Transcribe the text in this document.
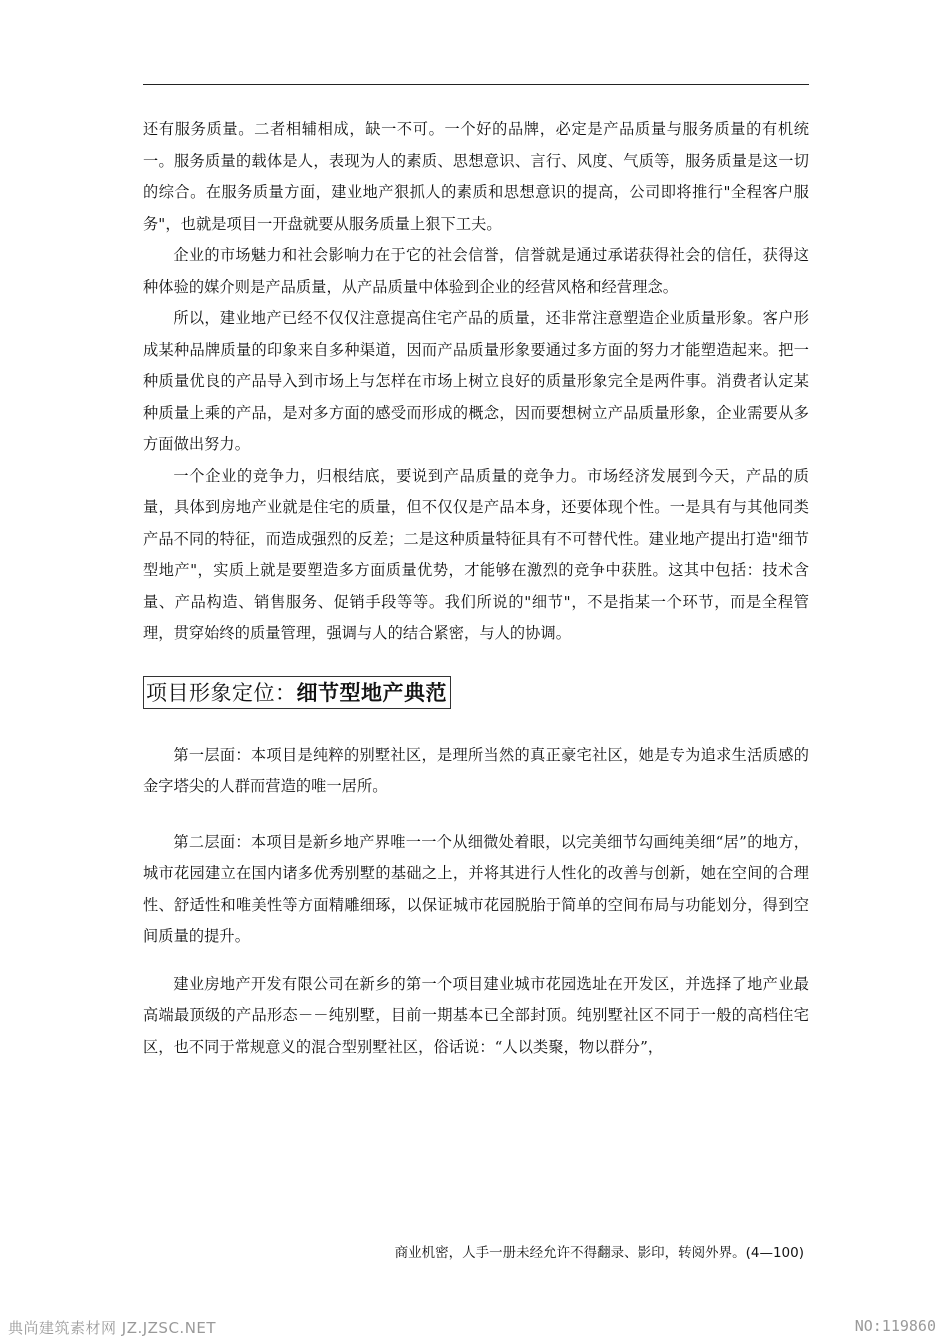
还有服务质量。二者相辅相成，缺一不可。一个好的品牌，必定是产品质量与服务质量的有机统一。服务质量的载体是人，表现为人的素质、思想意识、言行、风度、气质等，服务质量是这一切的综合。在服务质量方面，建业地产狠抓人的素质和思想意识的提高，公司即将推行"全程客户服务"，也就是项目一开盘就要从服务质量上狠下工夫。

企业的市场魅力和社会影响力在于它的社会信誉，信誉就是通过承诺获得社会的信任，获得这种体验的媒介则是产品质量，从产品质量中体验到企业的经营风格和经营理念。

所以，建业地产已经不仅仅注意提高住宅产品的质量，还非常注意塑造企业质量形象。客户形成某种品牌质量的印象来自多种渠道，因而产品质量形象要通过多方面的努力才能塑造起来。把一种质量优良的产品导入到市场上与怎样在市场上树立良好的质量形象完全是两件事。消费者认定某种质量上乘的产品，是对多方面的感受而形成的概念，因而要想树立产品质量形象，企业需要从多方面做出努力。

一个企业的竞争力，归根结底，要说到产品质量的竞争力。市场经济发展到今天，产品的质量，具体到房地产业就是住宅的质量，但不仅仅是产品本身，还要体现个性。一是具有与其他同类产品不同的特征，而造成强烈的反差；二是这种质量特征具有不可替代性。建业地产提出打造"细节型地产"，实质上就是要塑造多方面质量优势，才能够在激烈的竞争中获胜。这其中包括：技术含量、产品构造、销售服务、促销手段等等。我们所说的"细节"，不是指某一个环节，而是全程管理，贯穿始终的质量管理，强调与人的结合紧密，与人的协调。

项目形象定位：细节型地产典范

第一层面：本项目是纯粹的别墅社区，是理所当然的真正豪宅社区，她是专为追求生活质感的金字塔尖的人群而营造的唯一居所。

第二层面：本项目是新乡地产界唯一一个从细微处着眼，以完美细节勾画纯美细“居”的地方，城市花园建立在国内诸多优秀别墅的基础之上，并将其进行人性化的改善与创新，她在空间的合理性、舒适性和唯美性等方面精雕细琢，以保证城市花园脱胎于简单的空间布局与功能划分，得到空间质量的提升。

建业房地产开发有限公司在新乡的第一个项目建业城市花园选址在开发区，并选择了地产业最高端最顶级的产品形态－－纯别墅，目前一期基本已全部封顶。纯别墅社区不同于一般的高档住宅区，也不同于常规意义的混合型别墅社区，俗话说：“人以类聚，物以群分”，

商业机密，人手一册未经允许不得翻录、影印，转阅外界。(4—100)
典尚建筑素材网 JZ.JZSC.NET	NO:119860
